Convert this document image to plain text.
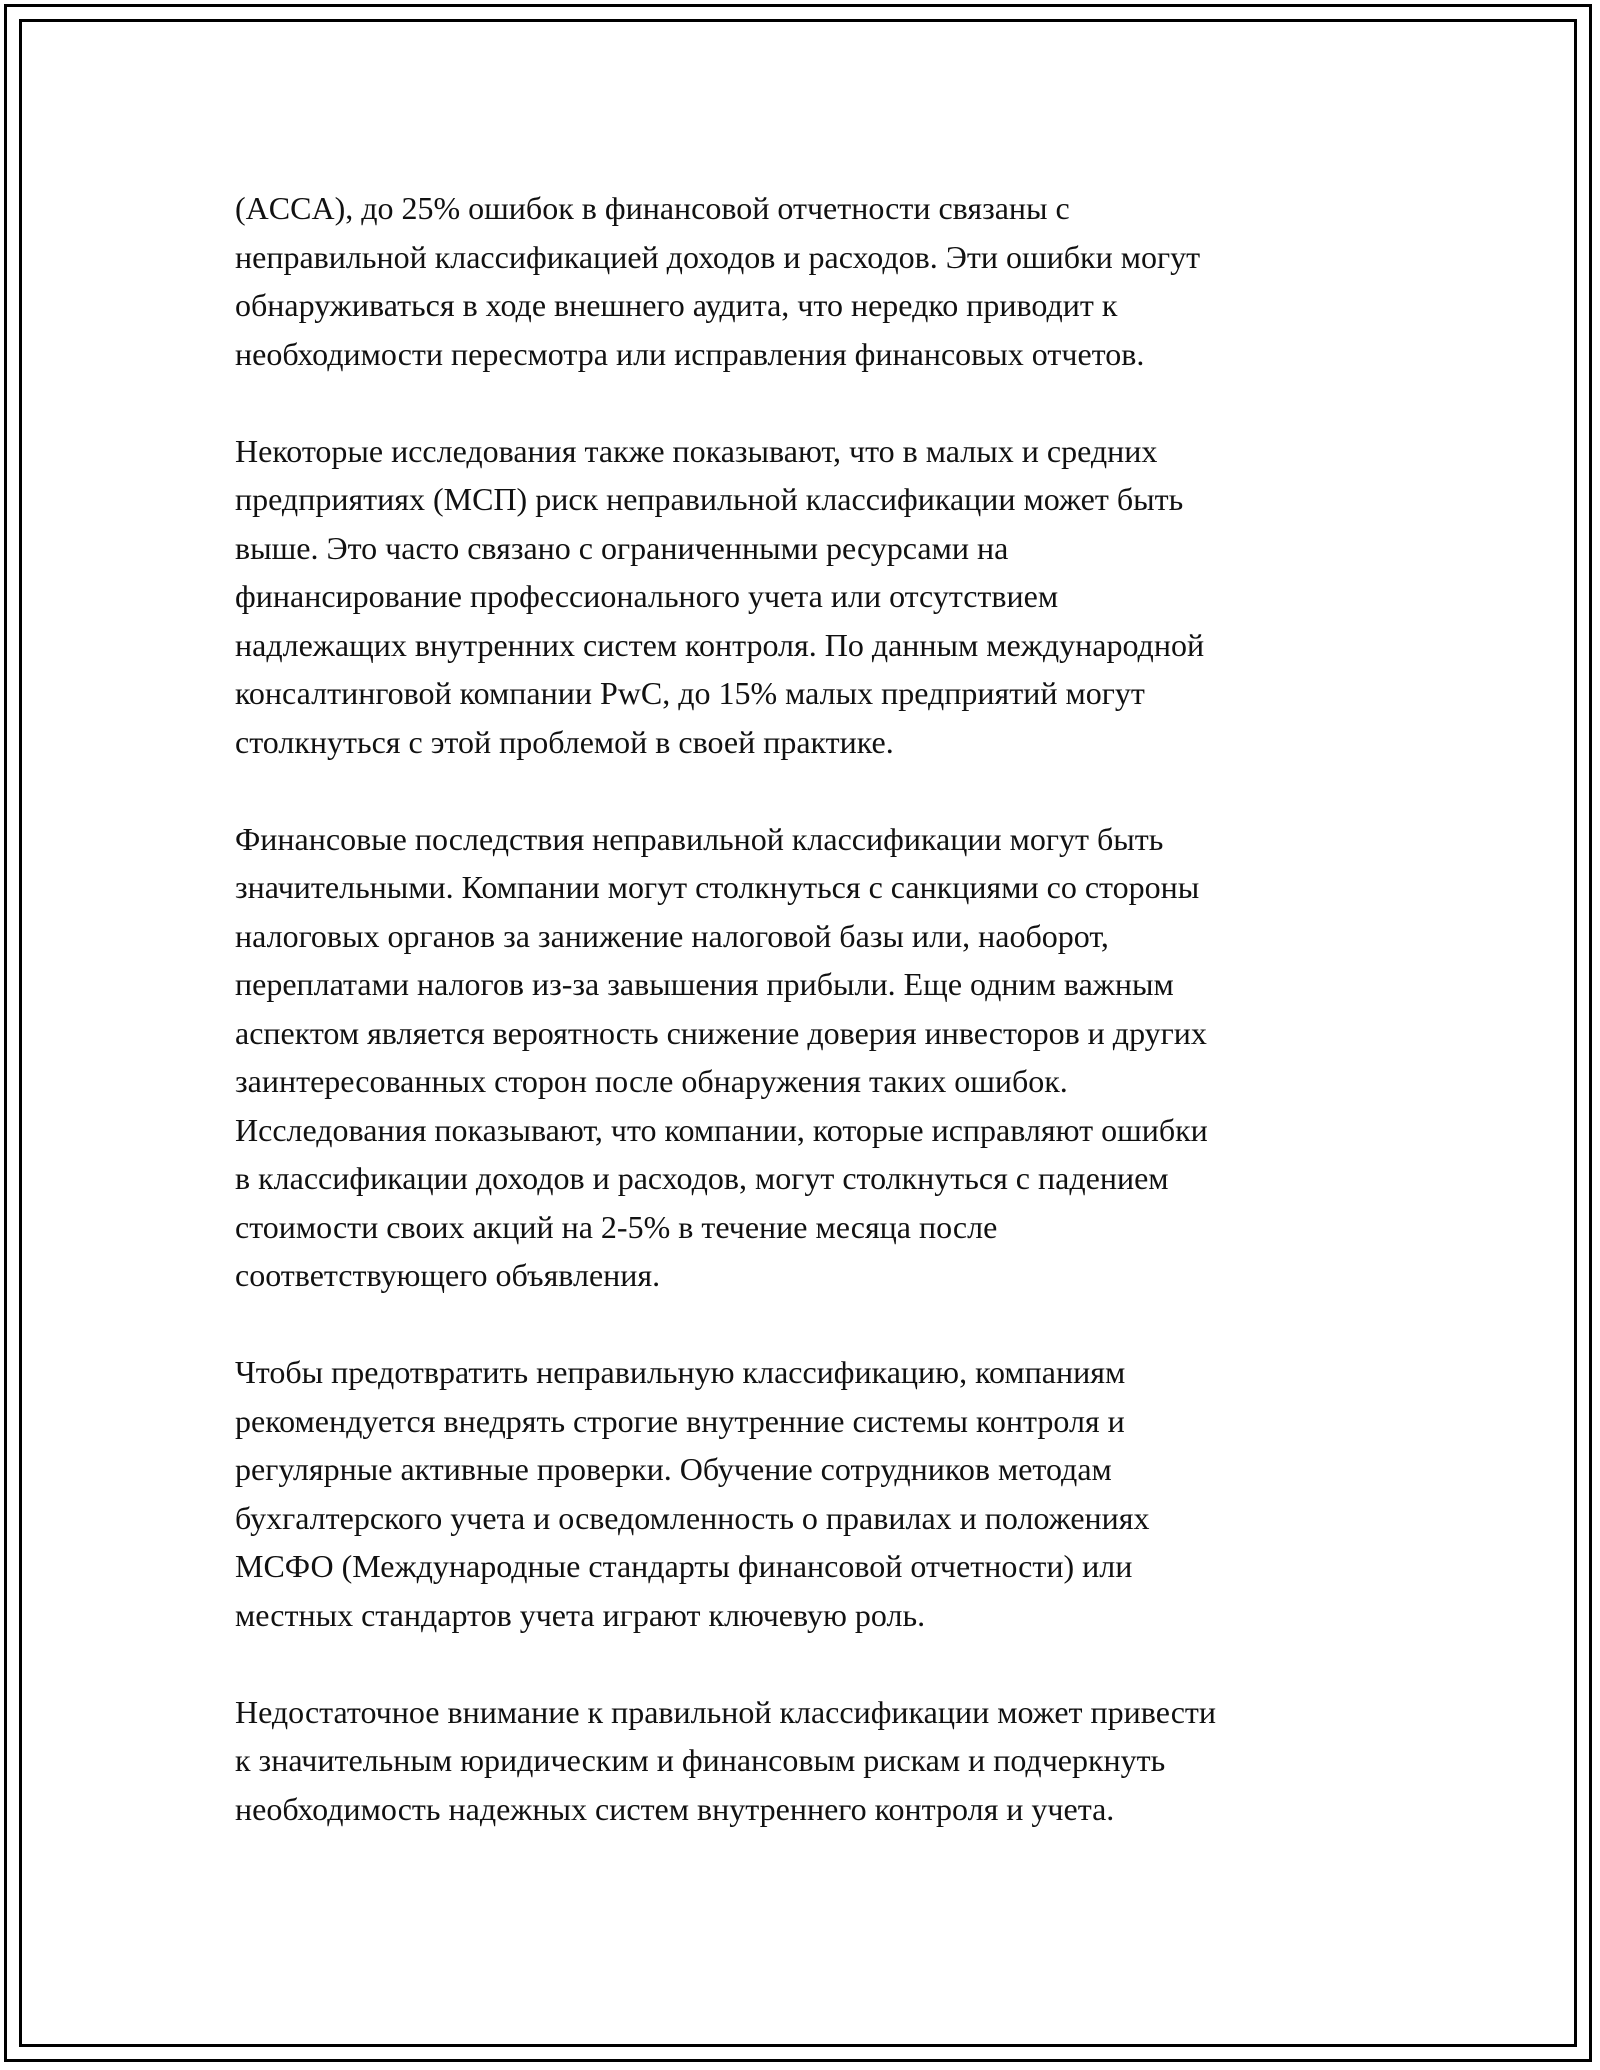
(ACCA), до 25% ошибок в финансовой отчетности связаны с
неправильной классификацией доходов и расходов. Эти ошибки могут
обнаруживаться в ходе внешнего аудита, что нередко приводит к
необходимости пересмотра или исправления финансовых отчетов.

Некоторые исследования также показывают, что в малых и средних
предприятиях (МСП) риск неправильной классификации может быть
выше. Это часто связано с ограниченными ресурсами на
финансирование профессионального учета или отсутствием
надлежащих внутренних систем контроля. По данным международной
консалтинговой компании PwC, до 15% малых предприятий могут
столкнуться с этой проблемой в своей практике.

Финансовые последствия неправильной классификации могут быть
значительными. Компании могут столкнуться с санкциями со стороны
налоговых органов за занижение налоговой базы или, наоборот,
переплатами налогов из-за завышения прибыли. Еще одним важным
аспектом является вероятность снижение доверия инвесторов и других
заинтересованных сторон после обнаружения таких ошибок.
Исследования показывают, что компании, которые исправляют ошибки
в классификации доходов и расходов, могут столкнуться с падением
стоимости своих акций на 2-5% в течение месяца после
соответствующего объявления.

Чтобы предотвратить неправильную классификацию, компаниям
рекомендуется внедрять строгие внутренние системы контроля и
регулярные активные проверки. Обучение сотрудников методам
бухгалтерского учета и осведомленность о правилах и положениях
МСФО (Международные стандарты финансовой отчетности) или
местных стандартов учета играют ключевую роль.

Недостаточное внимание к правильной классификации может привести
к значительным юридическим и финансовым рискам и подчеркнуть
необходимость надежных систем внутреннего контроля и учета.
